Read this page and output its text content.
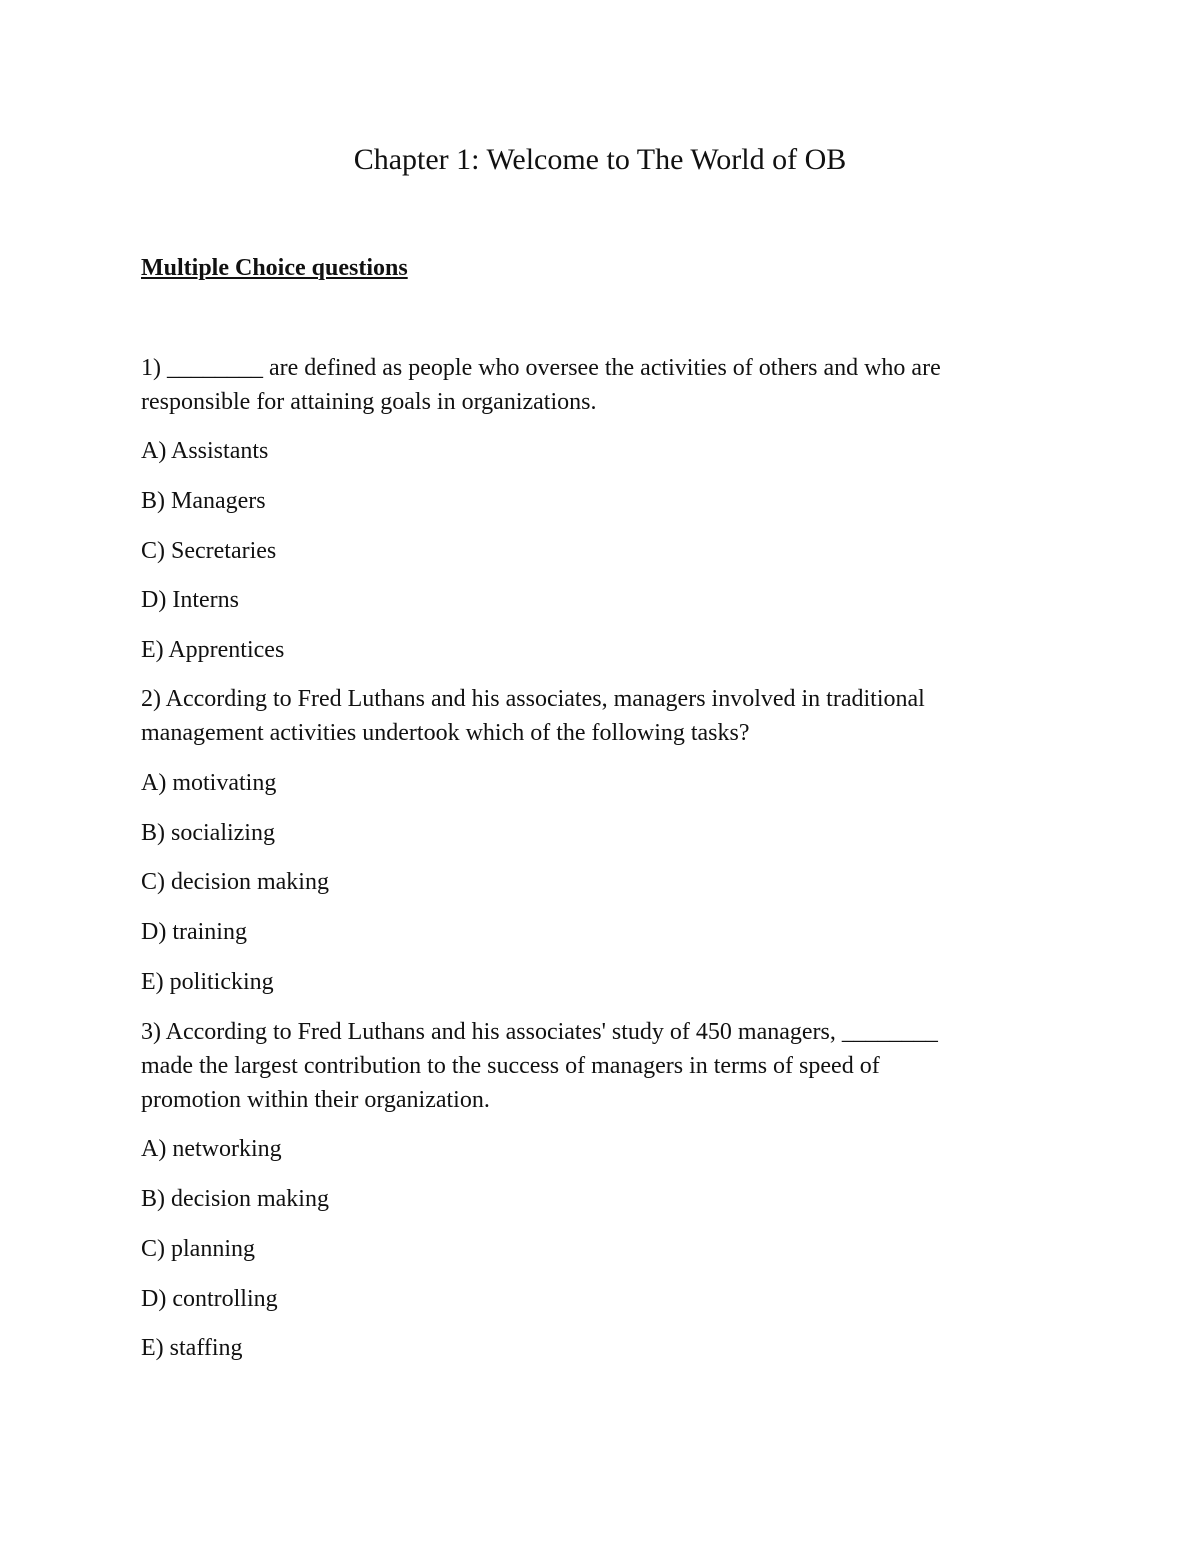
Chapter 1: Welcome to The World of OB
Multiple Choice questions
1) ________ are defined as people who oversee the activities of others and who are
responsible for attaining goals in organizations.
A) Assistants
B) Managers
C) Secretaries
D) Interns
E) Apprentices
2) According to Fred Luthans and his associates, managers involved in traditional
management activities undertook which of the following tasks?
A) motivating
B) socializing
C) decision making
D) training
E) politicking
3) According to Fred Luthans and his associates' study of 450 managers, ________
made the largest contribution to the success of managers in terms of speed of
promotion within their organization.
A) networking
B) decision making
C) planning
D) controlling
E) staffing
